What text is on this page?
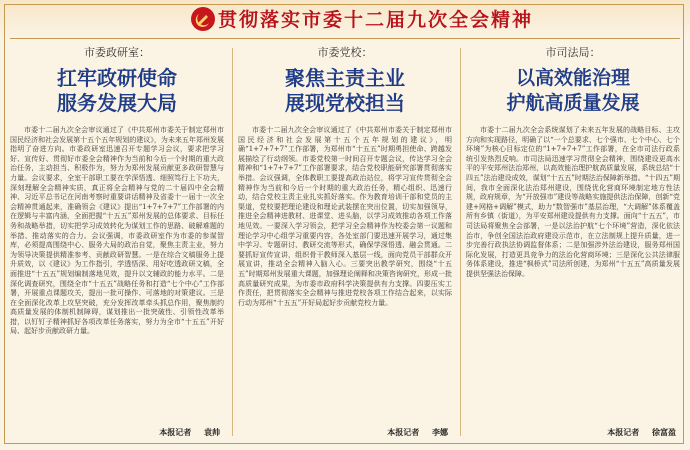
贯彻落实市委十二届九次全会精神
市委政研室：
扛牢政研使命
服务发展大局
市委十二届九次全会审议通过了《中共郑州市委关于制定郑州市国民经济和社会发展第十五个五年规划的建议》，为未来五年郑州发展指明了奋进方向。市委政研室迅速召开专题学习会议，要求把学习好、宣传好、贯彻好市委全会精神作为当前和今后一个时期的重大政治任务，主动担当、积极作为，努力为郑州发展贡献更多政研智慧与力量。会议要求，全室干部职工要在学深悟透、细照笃行上下功夫，深刻理解全会精神实质，真正将全会精神与党的二十届四中全会精神、习近平总书记在河南考察时重要讲话精神及省委十一届十一次全会精神贯通起来，准确领会《建议》提出“1+7+7+7”工作部署的内在逻辑与丰富内涵，全面把握“十五五”郑州发展的总体要求、目标任务和战略举措，切实把学习成效转化为谋划工作的思路、破解难题的举措、推动落实的合力。会议强调，市委政研室作为市委的参谋智库，必须提高围绕中心、服务大局的政治自觉，聚焦主责主业，努力为领导决策提供精准参考、贡献政研智慧。一是在综合文稿服务上提升质效，以《建议》为工作指引，学透悟深、用好吃透政研文稿，全面推进“十五五”规划编制落地见效，提升以文辅政的能力水平。二是深化调查研究，围绕全市“十五五”战略任务和打造“七个中心”工作部署，开展重点课题攻关，提出一批可操作、可落地的对策建议。三是在全面深化改革上攻坚突破，充分发挥改革牵头抓总作用，聚焦制约高质量发展的体制机制障碍，谋划推出一批突破性、引领性改革举措，以钉钉子精神抓好各项改革任务落实，努力为全市“十五五”开好局、起好步贡献政研力量。
本报记者 袁帅
市委党校：
聚焦主责主业
展现党校担当
市委十二届九次全会审议通过了《中共郑州市委关于制定郑州市国民经济和社会发展第十五个五年规划的建议》，明确“1+7+7+7”工作部署，为郑州市“十五五”时期勇担使命、跨越发展描绘了行动纲领。市委党校第一时间召开专题会议，传达学习全会精神和“1+7+7+7”工作部署要求，结合党校职能研究部署贯彻落实举措。会议强调，全体教职工要提高政治站位，将学习宣传贯彻全会精神作为当前和今后一个时期的重大政治任务，精心组织、迅速行动，结合党校主责主业扎实抓好落实。作为教育培训干部和党员的主渠道，党校要把理论建设和理论武装摆在突出位置，切实加强领导，推进全会精神进教材、进课堂、进头脑，以学习成效推动各项工作落地见效。一要深入学习领会，把学习全会精神作为校委会第一议题和理论学习中心组学习重要内容，各处室部门要迅速开展学习，通过集中学习、专题研讨、教研交流等形式，确保学深悟透、融会贯通。二要抓好宣传宣讲，组织骨干教师深入基层一线，面向党员干部群众开展宣讲，推动全会精神入脑入心。三要突出教学研究，围绕“十五五”时期郑州发展重大课题，加强理论阐释和决策咨询研究，形成一批高质量研究成果，为市委市政府科学决策提供有力支撑。四要压实工作责任，把贯彻落实全会精神与推进党校各项工作结合起来，以实际行动为郑州“十五五”开好局起好步贡献党校力量。
本报记者 李娜
市司法局：
以高效能治理
护航高质量发展
市委十二届九次全会系统谋划了未来五年发展的战略目标、主攻方向和实现路径，明确了以“一个总要求、七个强市、七个中心、七个环境”为核心目标定位的“1+7+7+7”工作部署，在全市司法行政系统引发热烈反响。市司法局迅速学习贯彻全会精神，围绕建设更高水平的平安郑州法治郑州，以高效能治理护航高质量发展，系统总结“十四五”法治建设成效，谋划“十五五”时期法治保障新举措。“十四五”期间，我市全面深化法治郑州建设，围绕优化营商环境制定地方性法规，政府规章，为“开放强市”建设等战略实施提供法治保障，创新“党建+网格+调解”模式，助力“数智强市”基层治理，“大调解”体系覆盖所有乡镇（街道），为平安郑州建设提供有力支撑。面向“十五五”，市司法局将聚焦全会部署，一是以法治护航“七个环境”营造，深化依法治市，争创全国法治政府建设示范市，在立法制规上提升质量，进一步完善行政执法协调监督体系；二是加强涉外法治建设，服务郑州国际化发展，打造更具竞争力的法治化营商环境；三是深化公共法律服务体系建设，推进“枫桥式”司法所创建，为郑州“十五五”高质量发展提供坚强法治保障。
本报记者 徐富盈
